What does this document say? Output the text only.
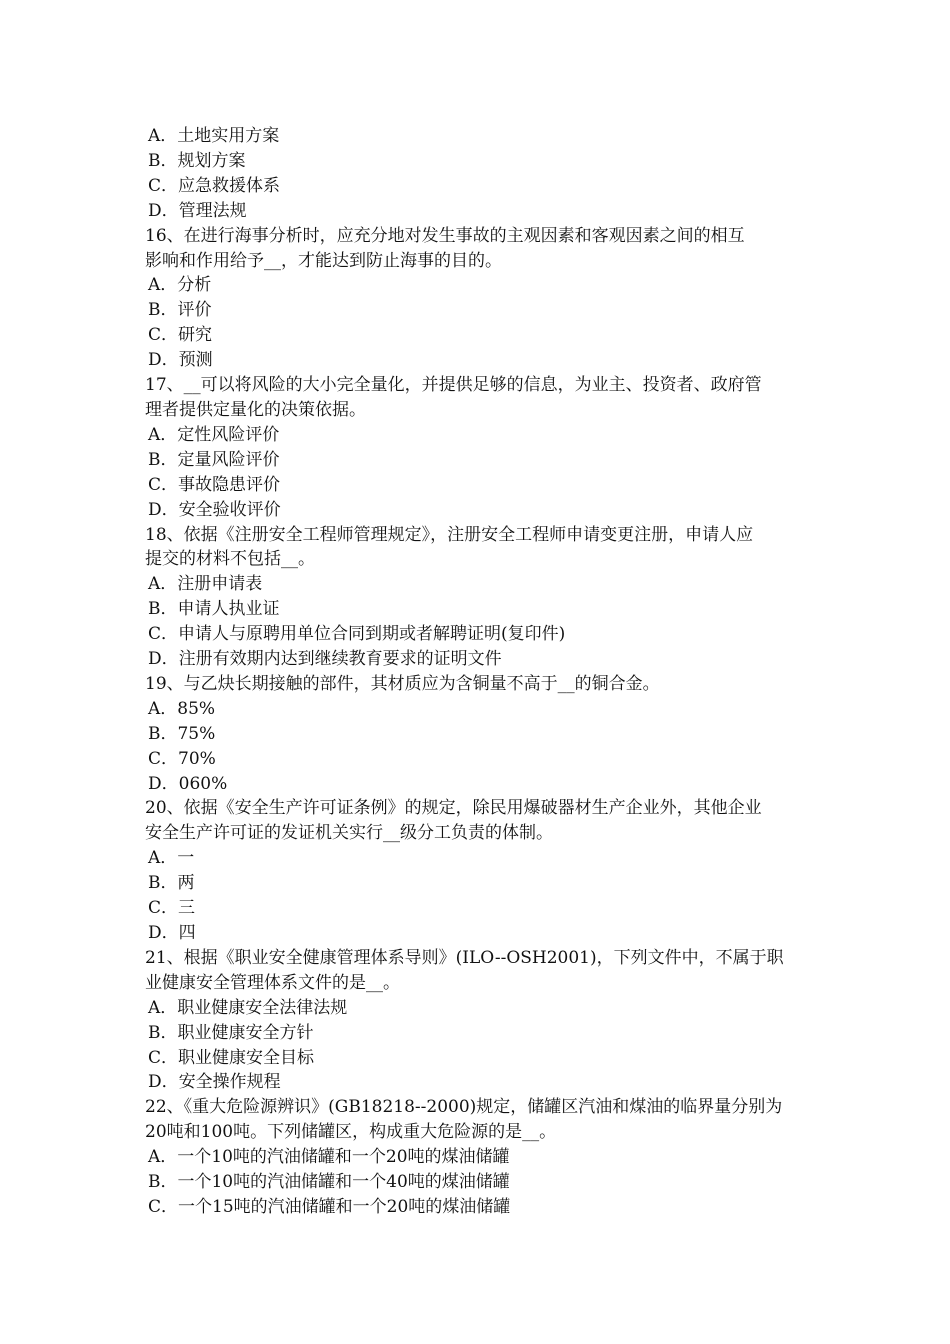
A．土地实用方案
B．规划方案
C．应急救援体系
D．管理法规
16、在进行海事分析时，应充分地对发生事故的主观因素和客观因素之间的相互
影响和作用给予__，才能达到防止海事的目的。
A．分析
B．评价
C．研究
D．预测
17、__可以将风险的大小完全量化，并提供足够的信息，为业主、投资者、政府管
理者提供定量化的决策依据。
A．定性风险评价
B．定量风险评价
C．事故隐患评价
D．安全验收评价
18、依据《注册安全工程师管理规定》，注册安全工程师申请变更注册，申请人应
提交的材料不包括__。
A．注册申请表
B．申请人执业证
C．申请人与原聘用单位合同到期或者解聘证明(复印件)
D．注册有效期内达到继续教育要求的证明文件
19、与乙炔长期接触的部件，其材质应为含铜量不高于__的铜合金。
A．85%
B．75%
C．70%
D．060%
20、依据《安全生产许可证条例》的规定，除民用爆破器材生产企业外，其他企业
安全生产许可证的发证机关实行__级分工负责的体制。
A．一
B．两
C．三
D．四
21、根据《职业安全健康管理体系导则》(ILO--OSH2001)，下列文件中，不属于职
业健康安全管理体系文件的是__。
A．职业健康安全法律法规
B．职业健康安全方针
C．职业健康安全目标
D．安全操作规程
22、《重大危险源辨识》(GB18218--2000)规定，储罐区汽油和煤油的临界量分别为
20吨和100吨。下列储罐区，构成重大危险源的是__。
A．一个10吨的汽油储罐和一个20吨的煤油储罐
B．一个10吨的汽油储罐和一个40吨的煤油储罐
C．一个15吨的汽油储罐和一个20吨的煤油储罐
